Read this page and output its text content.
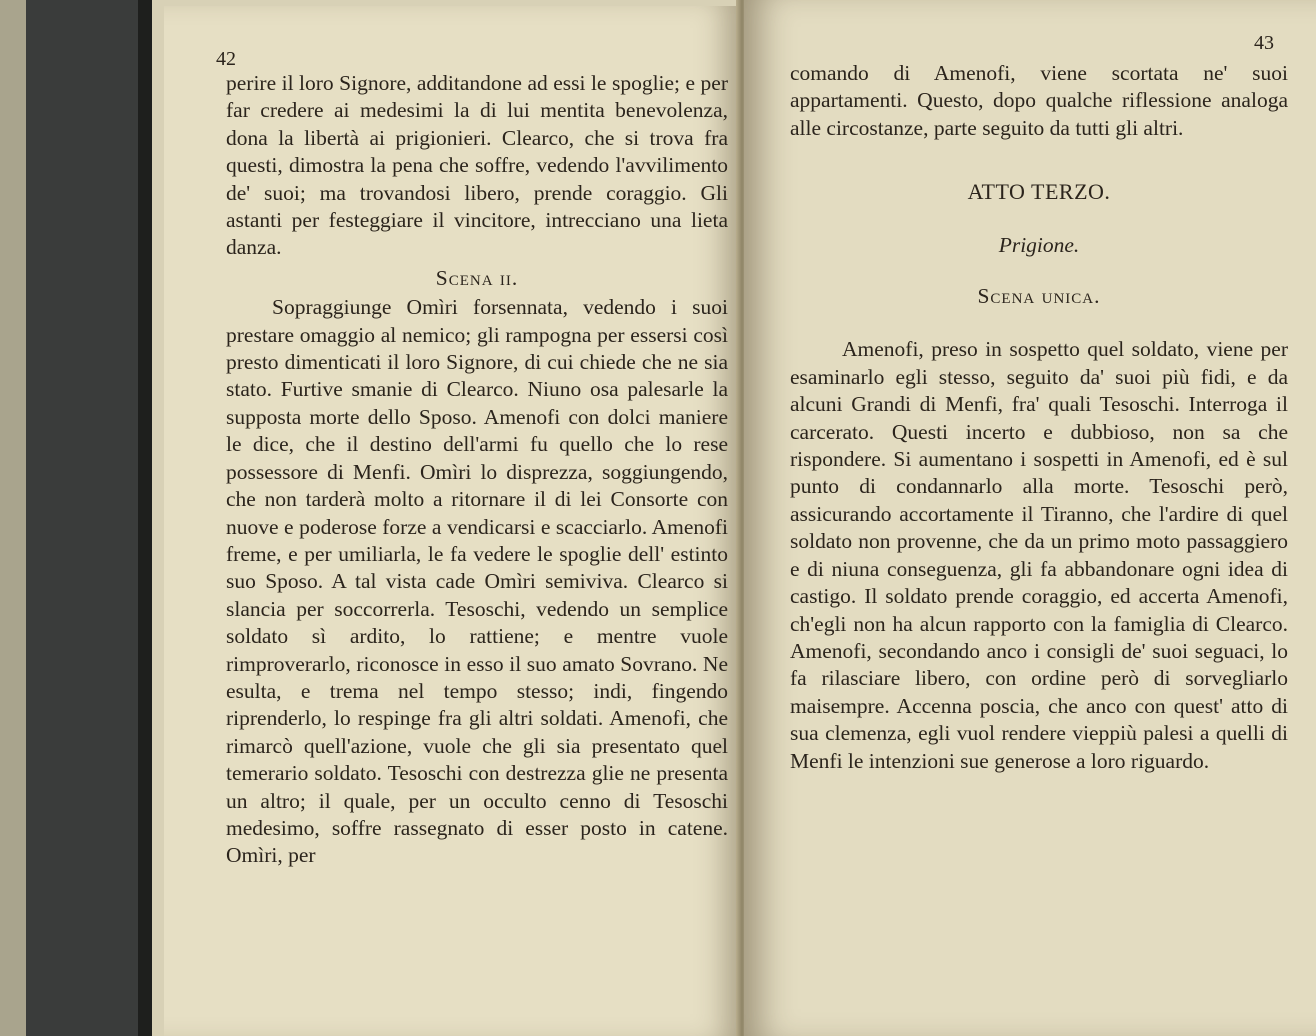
42

perire il loro Signore, additandone ad essi le spoglie; e per far credere ai medesimi la di lui mentita benevolenza, dona la libertà ai prigionieri. Clearco, che si trova fra questi, dimostra la pena che soffre, vedendo l'avvilimento de' suoi; ma trovandosi libero, prende coraggio. Gli astanti per festeggiare il vincitore, intrecciano una lieta danza.

Scena ii.

Sopraggiunge Omìri forsennata, vedendo i suoi prestare omaggio al nemico; gli rampogna per essersi così presto dimenticati il loro Signore, di cui chiede che ne sia stato. Furtive smanie di Clearco. Niuno osa palesarle la supposta morte dello Sposo. Amenofi con dolci maniere le dice, che il destino dell'armi fu quello che lo rese possessore di Menfi. Omìri lo disprezza, soggiungendo, che non tarderà molto a ritornare il di lei Consorte con nuove e poderose forze a vendicarsi e scacciarlo. Amenofi freme, e per umiliarla, le fa vedere le spoglie dell' estinto suo Sposo. A tal vista cade Omìri semiviva. Clearco si slancia per soccorrerla. Tesoschi, vedendo un semplice soldato sì ardito, lo rattiene; e mentre vuole rimproverarlo, riconosce in esso il suo amato Sovrano. Ne esulta, e trema nel tempo stesso; indi, fingendo riprenderlo, lo respinge fra gli altri soldati. Amenofi, che rimarcò quell'azione, vuole che gli sia presentato quel temerario soldato. Tesoschi con destrezza glie ne presenta un altro; il quale, per un occulto cenno di Tesoschi medesimo, soffre rassegnato di esser posto in catene. Omìri, per

43

comando di Amenofi, viene scortata ne' suoi appartamenti. Questo, dopo qualche riflessione analoga alle circostanze, parte seguito da tutti gli altri.

ATTO TERZO.
Prigione.
Scena unica.

Amenofi, preso in sospetto quel soldato, viene per esaminarlo egli stesso, seguito da' suoi più fidi, e da alcuni Grandi di Menfi, fra' quali Tesoschi. Interroga il carcerato. Questi incerto e dubbioso, non sa che rispondere. Si aumentano i sospetti in Amenofi, ed è sul punto di condannarlo alla morte. Tesoschi però, assicurando accortamente il Tiranno, che l'ardire di quel soldato non provenne, che da un primo moto passaggiero e di niuna conseguenza, gli fa abbandonare ogni idea di castigo. Il soldato prende coraggio, ed accerta Amenofi, ch'egli non ha alcun rapporto con la famiglia di Clearco. Amenofi, secondando anco i consigli de' suoi seguaci, lo fa rilasciare libero, con ordine però di sorvegliarlo maisempre. Accenna poscia, che anco con quest' atto di sua clemenza, egli vuol rendere vieppiù palesi a quelli di Menfi le intenzioni sue generose a loro riguardo.
